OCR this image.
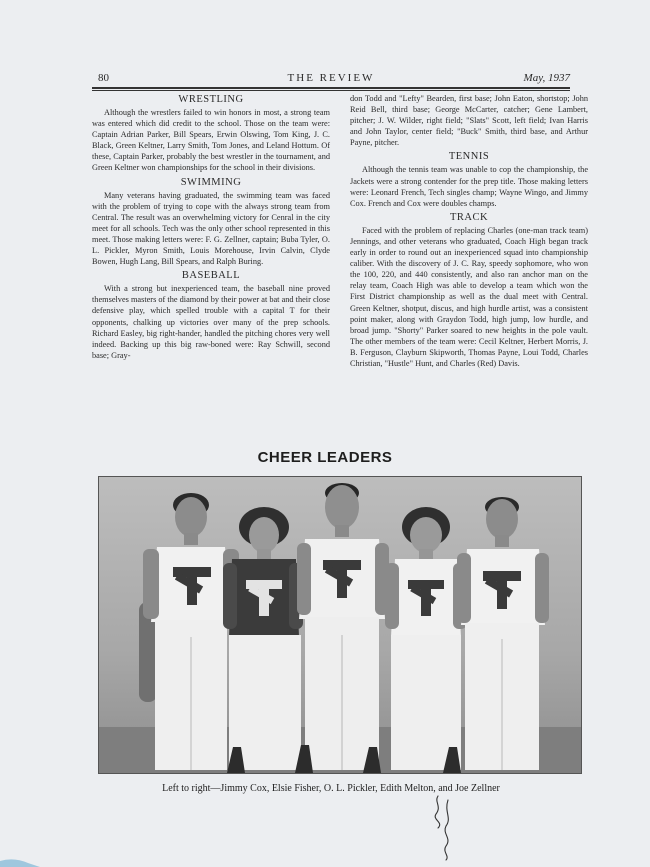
80	THE REVIEW	May, 1937
WRESTLING

Although the wrestlers failed to win honors in most, a strong team was entered which did credit to the school. Those on the team were: Captain Adrian Parker, Bill Spears, Erwin Olswing, Tom King, J. C. Black, Green Keltner, Larry Smith, Tom Jones, and Leland Hottum. Of these, Captain Parker, probably the best wrestler in the tournament, and Green Keltner won championships for the school in their divisions.

SWIMMING

Many veterans having graduated, the swimming team was faced with the problem of trying to cope with the always strong team from Central. The result was an overwhelming victory for Cenral in the city meet for all schools. Tech was the only other school represented in this meet. Those making letters were: F. G. Zellner, captain; Buba Tyler, O. L. Pickler, Myron Smith, Louis Morehouse, Irvin Calvin, Clyde Bowen, Hugh Lang, Bill Spears, and Ralph Buring.

BASEBALL

With a strong but inexperienced team, the baseball nine proved themselves masters of the diamond by their power at bat and their close defensive play, which spelled trouble with a capital T for their opponents, chalking up victories over many of the prep schools. Richard Easley, big right-hander, handled the pitching chores very well indeed. Backing up this big raw-boned were: Ray Schwill, second base; Gray-

don Todd and "Lefty" Bearden, first base; John Eaton, shortstop; John Reid Bell, third base; George McCarter, catcher; Gene Lambert, pitcher; J. W. Wilder, right field; "Slats" Scott, left field; Ivan Harris and John Taylor, center field; "Buck" Smith, third base, and Arthur Payne, pitcher.

TENNIS

Although the tennis team was unable to cop the championship, the Jackets were a strong contender for the prep title. Those making letters were: Leonard French, Tech singles champ; Wayne Wingo, and Jimmy Cox. French and Cox were doubles champs.

TRACK

Faced with the problem of replacing Charles (one-man track team) Jennings, and other veterans who graduated, Coach High began track early in order to round out an inexperienced squad into championship caliber. With the discovery of J. C. Ray, speedy sophomore, who won the 100, 220, and 440 consistently, and also ran anchor man on the relay team, Coach High was able to develop a team which won the First District championship as well as the dual meet with Central. Green Keltner, shotput, discus, and high hurdle artist, was a consistent point maker, along with Graydon Todd, high jump, low hurdle, and broad jump. "Shorty" Parker soared to new heights in the pole vault. The other members of the team were: Cecil Keltner, Herbert Morris, J. B. Ferguson, Clayburn Skipworth, Thomas Payne, Loui Todd, Charles Christian, "Hustle" Hunt, and Charles (Red) Davis.

CHEER LEADERS
Left to right—Jimmy Cox, Elsie Fisher, O. L. Pickler, Edith Melton, and Joe Zellner
